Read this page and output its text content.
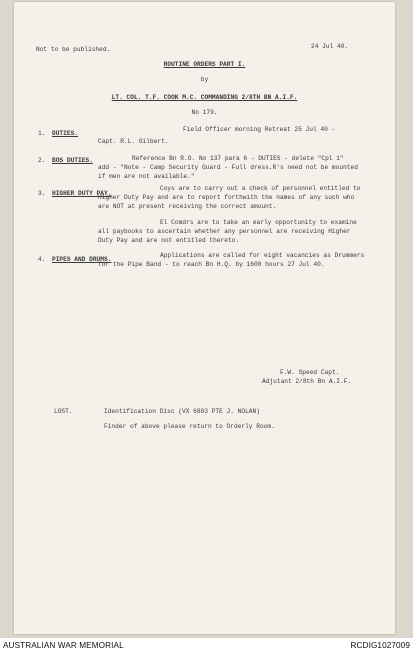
Not to be published.	24 Jul 40.
ROUTINE ORDERS PART I.
by
LT. COL. T.F. COOK M.C. COMMANDING 2/8TH BN A.I.F.
No 179.
1. DUTIES.
Field Officer morning Retreat 25 Jul 40 -
Capt. R.L. Gilbert.
2. BOS DUTIES.	Reference Bn R.O. No 137 para 6 - DUTIES - delete "Cpl 1"
add - "Note - Camp Security Guard - Full dress.R's need not be mounted
if men are not available."
3. HIGHER DUTY PAY.
Coys are to carry out a check of personnel entitled to
Higher Duty Pay and are to report forthwith the names of any such who
are NOT at present receiving the correct amount.
El Comdrs are to take an early opportunity to examine
all paybooks to ascertain whether any personnel are receiving Higher
Duty Pay and are not entitled thereto.
4. PIPES AND DRUMS.
Applications are called for eight vacancies as Drummers
for the Pipe Band - to reach Bn H.Q. by 1600 hours 27 Jul 40.
F.W. Speed Capt.
Adjutant 2/8th Bn A.I.F.
LOST.	Identification Disc (VX 6803 PTE J. NOLAN)
Finder of above please return to Orderly Room.
AUSTRALIAN WAR MEMORIAL	RCDIG1027009
